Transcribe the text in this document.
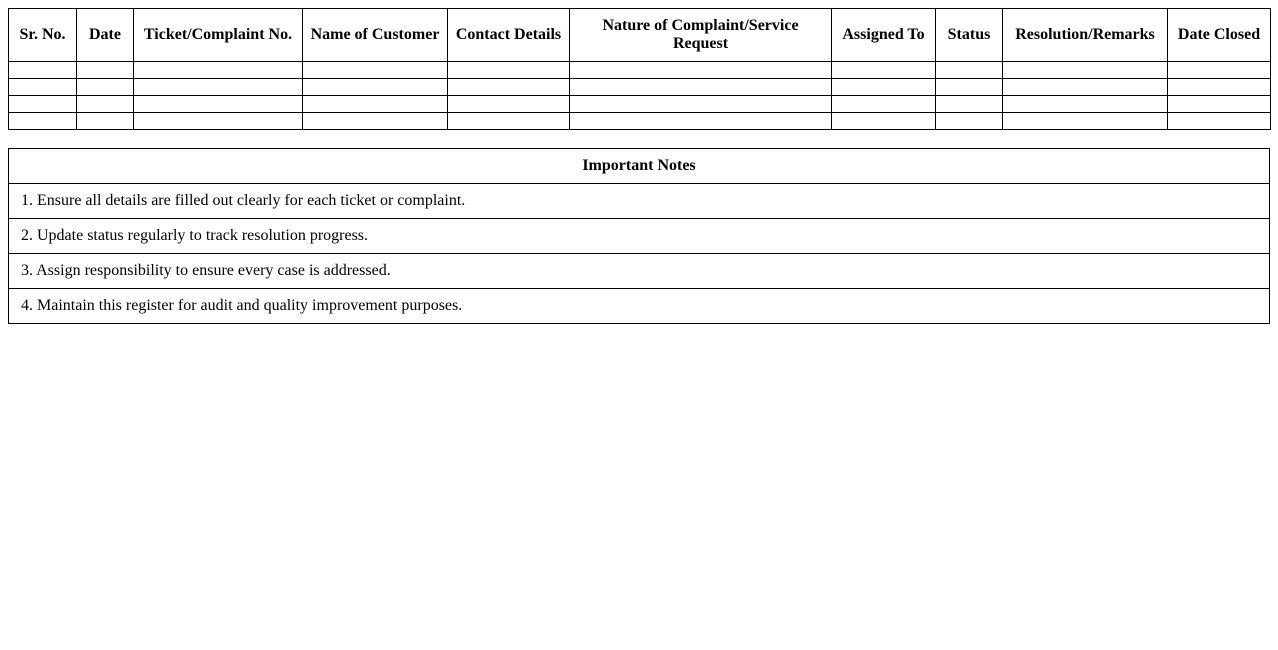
Sr. No.	Date	Ticket/Complaint No.	Name of Customer	Contact Details	Nature of Complaint/Service Request	Assigned To	Status	Resolution/Remarks	Date Closed

Important Notes
1. Ensure all details are filled out clearly for each ticket or complaint.
2. Update status regularly to track resolution progress.
3. Assign responsibility to ensure every case is addressed.
4. Maintain this register for audit and quality improvement purposes.
